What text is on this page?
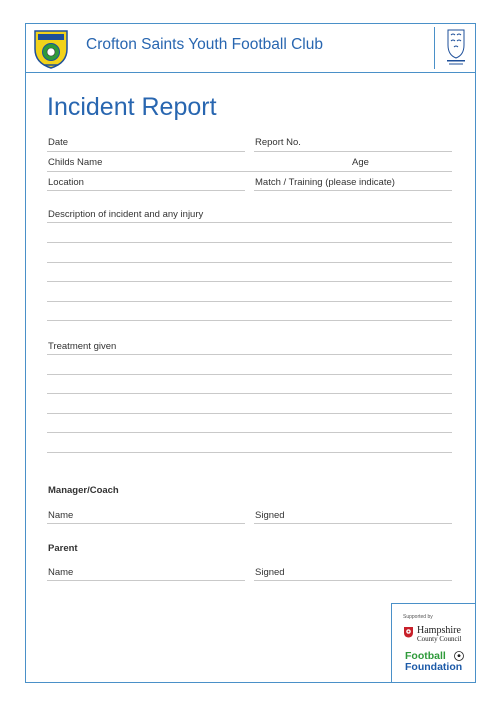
Crofton Saints Youth Football Club
Incident Report
Date	Report No.
Childs Name	Age
Location	Match / Training (please indicate)
Description of incident and any injury
Treatment given
Manager/Coach
Name	Signed
Parent
Name	Signed
Supported by
Hampshire
County Council
Football
Foundation
